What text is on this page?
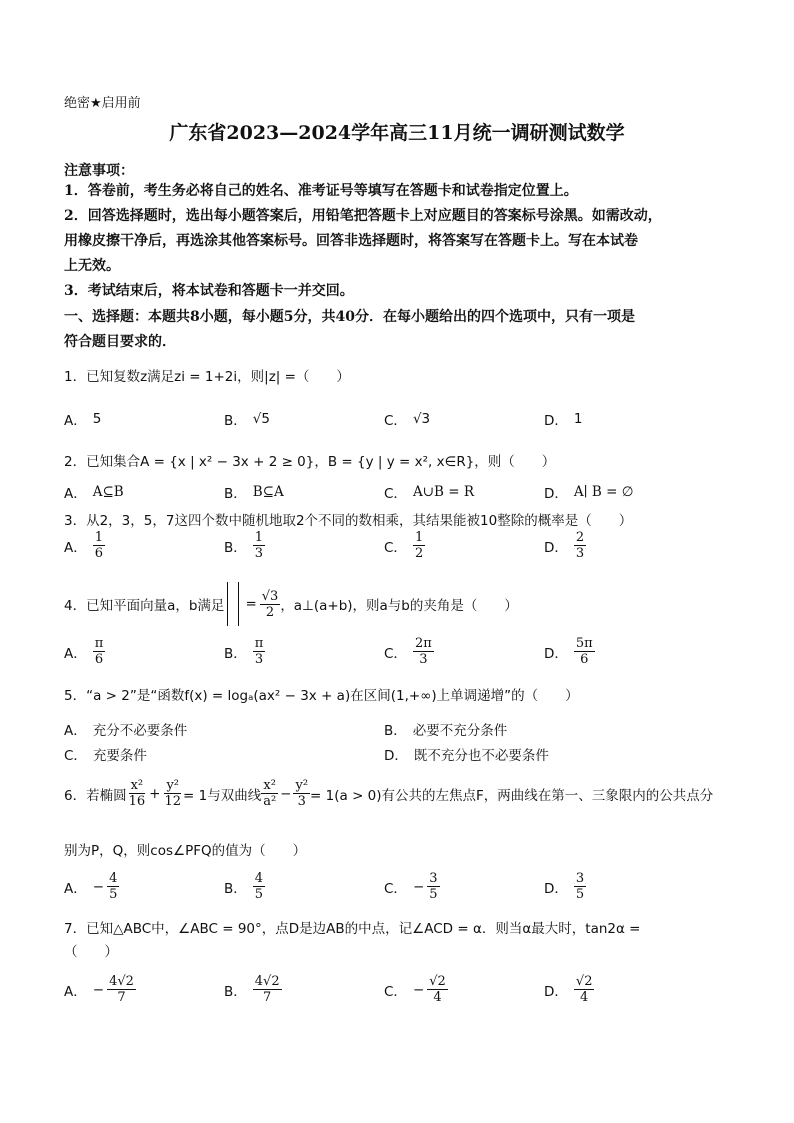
绝密★启用前
广东省2023—2024学年高三11月统一调研测试数学
注意事项：
1．答卷前，考生务必将自己的姓名、准考证号等填写在答题卡和试卷指定位置上。
2．回答选择题时，选出每小题答案后，用铅笔把答题卡上对应题目的答案标号涂黑。如需改动，
用橡皮擦干净后，再选涂其他答案标号。回答非选择题时，将答案写在答题卡上。写在本试卷
上无效。
3．考试结束后，将本试卷和答题卡一并交回。
一、选择题：本题共8小题，每小题5分，共40分．在每小题给出的四个选项中，只有一项是
符合题目要求的．
1．已知复数z满足zi = 1+2i，则|z| =（　　）
A． 5	B． √5	C． √3	D． 1
2．已知集合A = {x | x² − 3x + 2 ≥ 0}，B = {y | y = x², x∈R}，则（　　）
A． A⊆B	B． B⊆A	C． A∪B = R	D． A∣ B = ∅
3．从2，3，5，7这四个数中随机地取2个不同的数相乘，其结果能被10整除的概率是（　　）
A． $\frac{1}{6}$	B． $\frac{1}{3}$	C． $\frac{1}{2}$	D． $\frac{2}{3}$
4．已知平面向量a，b满足 = $\frac{√3}{2}$ ，a⊥(a+b)，则a与b的夹角是（　　）
A． $\frac{\pi}{6}$	B． $\frac{\pi}{3}$	C． $\frac{2\pi}{3}$	D． $\frac{5\pi}{6}$
5．“a > 2”是“函数f(x) = logₐ(ax² − 3x + a)在区间(1,+∞)上单调递增”的（　　）
A． 充分不必要条件	B． 必要不充分条件
C． 充要条件	D． 既不充分也不必要条件
6．若椭圆 $\frac{\text{x²}}{16} + \frac{\text{y²}}{12} = 1$与双曲线 $\frac{\text{x²}}{\text{a²}} - \frac{\text{y²}}{3} = 1(a > 0)$有公共的左焦点F，两曲线在第一、三象限内的公共点分
别为P，Q，则cos∠PFQ的值为（　　）
A． − $\frac{4}{5}$	B． $\frac{4}{5}$	C． − $\frac{3}{5}$	D． $\frac{3}{5}$
7．已知△ABC中，∠ABC = 90°，点D是边AB的中点，记∠ACD = α．则当α最大时，tan2α =
（　　）
A． − $\frac{4√2}{7}$	B． $\frac{4√2}{7}$	C． − $\frac{√2}{4}$	D． $\frac{√2}{4}$
